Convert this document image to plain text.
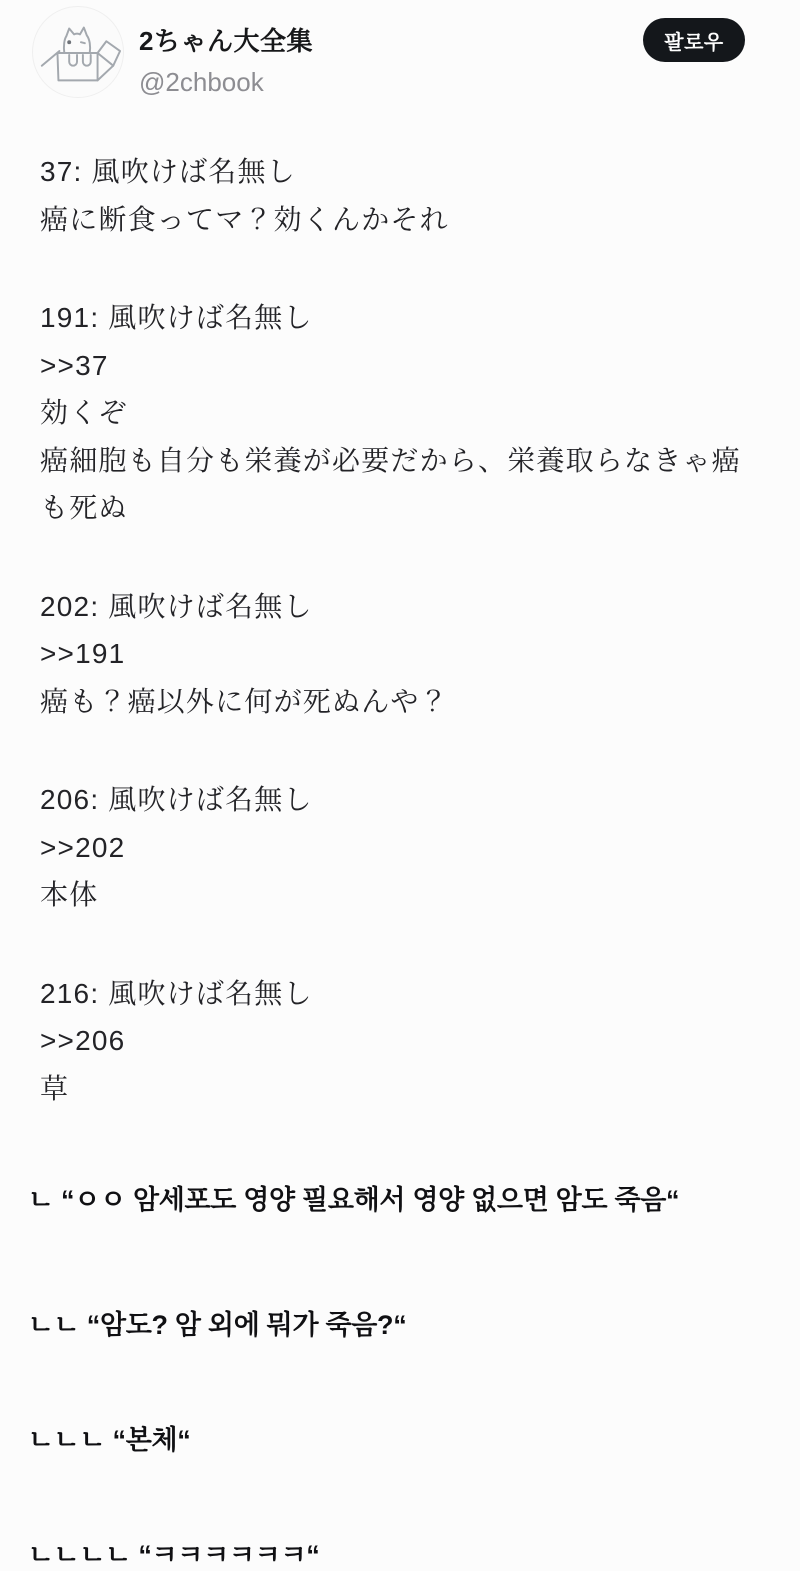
2ちゃん大全集
@2chbook
팔로우

37: 風吹けば名無し

癌に断食ってマ？効くんかそれ

191: 風吹けば名無し

>>37

効くぞ

癌細胞も自分も栄養が必要だから、栄養取らなきゃ癌も死ぬ

202: 風吹けば名無し

>>191

癌も？癌以外に何が死ぬんや？

206: 風吹けば名無し

>>202

本体

216: 風吹けば名無し

>>206

草

ㄴ “ㅇㅇ 암세포도 영양 필요해서 영양 없으면 암도 죽음“

ㄴㄴ “암도? 암 외에 뭐가 죽음?“

ㄴㄴㄴ “본체“

ㄴㄴㄴㄴ “ㅋㅋㅋㅋㅋㅋ“
